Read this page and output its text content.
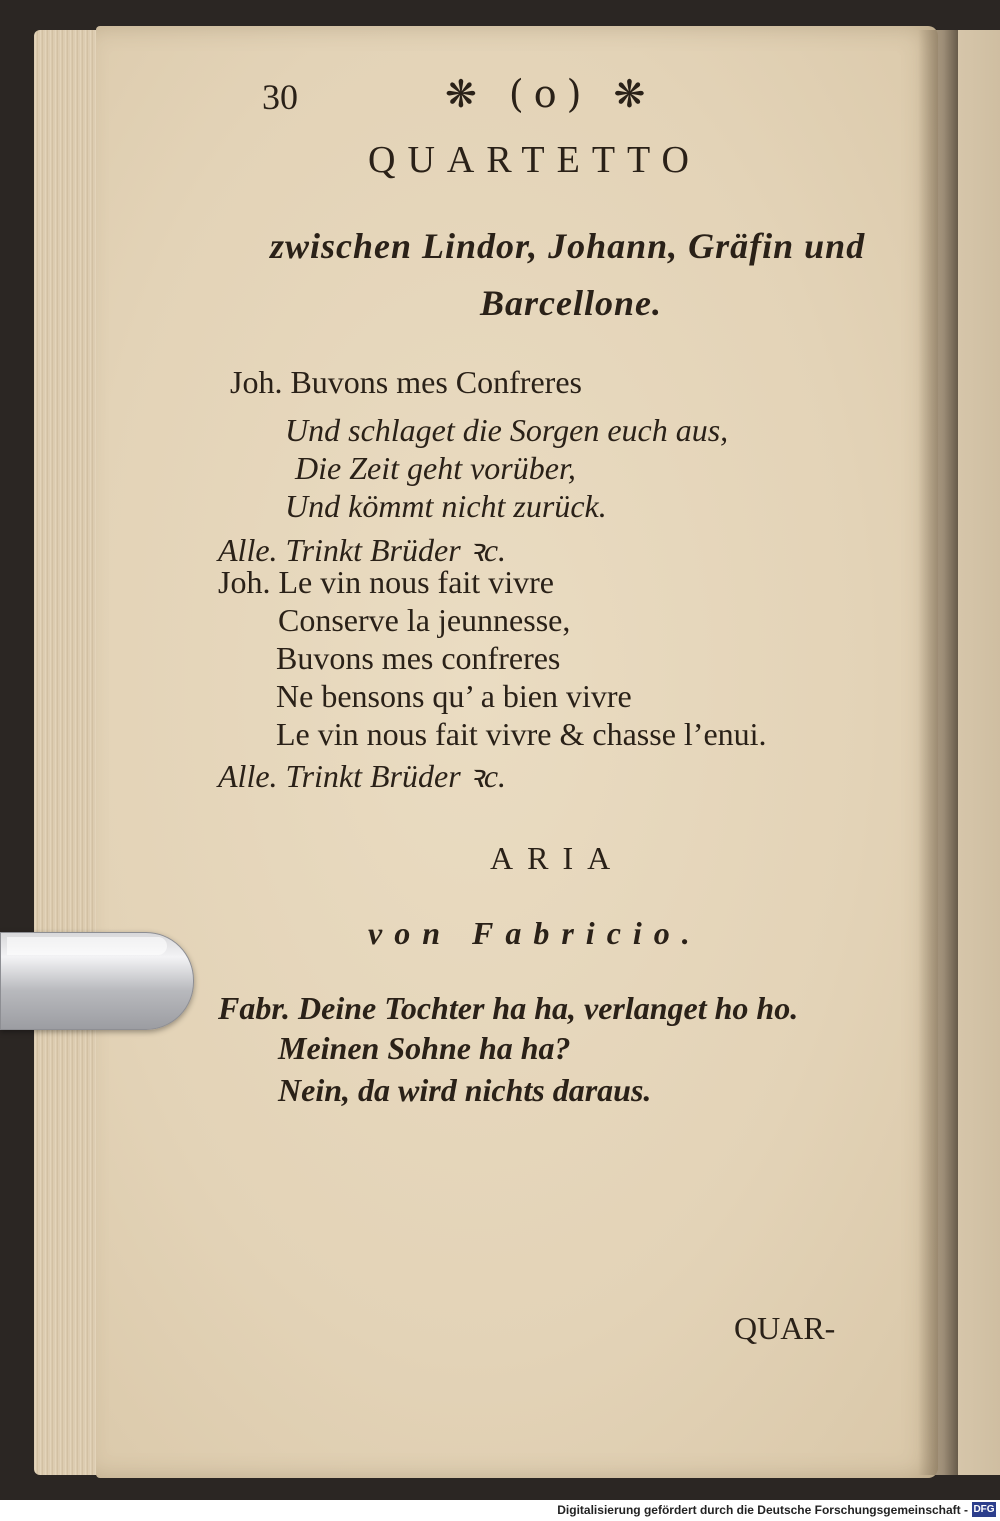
30	❋ (o) ❋

QUARTETTO

zwischen Lindor, Johann, Gräfin und

Barcellone.

Joh. Buvons mes Confreres

Und schlaget die Sorgen euch aus,

Die Zeit geht vorüber,

Und kömmt nicht zurück.

Alle. Trinkt Brüder ꝛc.

Joh. Le vin nous fait vivre

Conserve la jeunnesse,

Buvons mes confreres

Ne bensons qu’ a bien vivre

Le vin nous fait vivre & chasse l’enui.

Alle. Trinkt Brüder ꝛc.

ARIA

von Fabricio.

Fabr. Deine Tochter ha ha, verlanget ho ho.

Meinen Sohne ha ha?

Nein, da wird nichts daraus.

QUAR-

Digitalisierung gefördert durch die Deutsche Forschungsgemeinschaft - DFG
